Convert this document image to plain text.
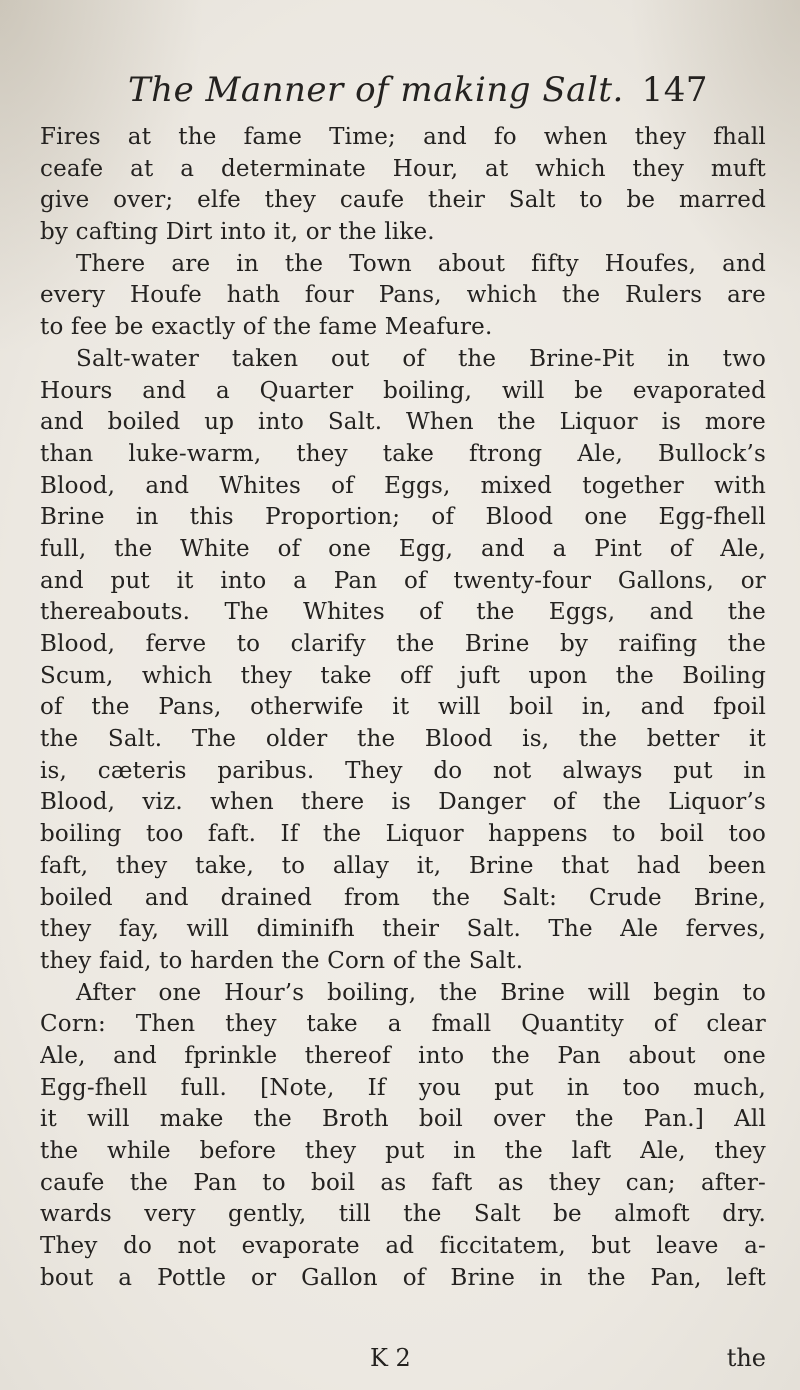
The Manner of making Salt. 147
Fires at the fame Time; and fo when they fhall
ceafe at a determinate Hour, at which they muft
give over; elfe they caufe their Salt to be marred
by cafting Dirt into it, or the like.
There are in the Town about fifty Houfes, and
every Houfe hath four Pans, which the Rulers are
to fee be exactly of the fame Meafure.
Salt-water taken out of the Brine-Pit in two
Hours and a Quarter boiling, will be evaporated
and boiled up into Salt. When the Liquor is more
than luke-warm, they take ftrong Ale, Bullock’s
Blood, and Whites of Eggs, mixed together with
Brine in this Proportion; of Blood one Egg-fhell
full, the White of one Egg, and a Pint of Ale,
and put it into a Pan of twenty-four Gallons, or
thereabouts. The Whites of the Eggs, and the
Blood, ferve to clarify the Brine by raifing the
Scum, which they take off juft upon the Boiling
of the Pans, otherwife it will boil in, and fpoil
the Salt. The older the Blood is, the better it
is, cæteris paribus. They do not always put in
Blood, viz. when there is Danger of the Liquor’s
boiling too faft. If the Liquor happens to boil too
faft, they take, to allay it, Brine that had been
boiled and drained from the Salt: Crude Brine,
they fay, will diminifh their Salt. The Ale ferves,
they faid, to harden the Corn of the Salt.
After one Hour’s boiling, the Brine will begin to
Corn: Then they take a fmall Quantity of clear
Ale, and fprinkle thereof into the Pan about one
Egg-fhell full. [Note, If you put in too much,
it will make the Broth boil over the Pan.] All
the while before they put in the laft Ale, they
caufe the Pan to boil as faft as they can; after-
wards very gently, till the Salt be almoft dry.
They do not evaporate ad ficcitatem, but leave a-
bout a Pottle or Gallon of Brine in the Pan, left
K 2	the
